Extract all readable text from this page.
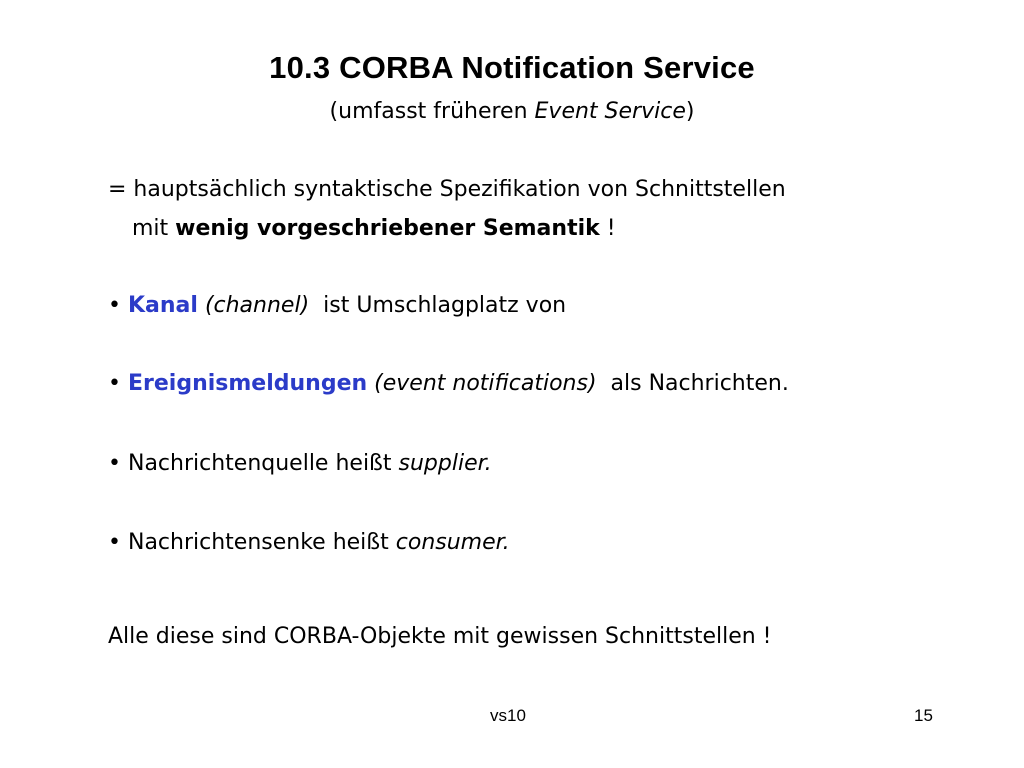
10.3 CORBA Notification Service
(umfasst früheren Event Service)
= hauptsächlich syntaktische Spezifikation von Schnittstellen
mit wenig vorgeschriebener Semantik !
• Kanal (channel)  ist Umschlagplatz von
• Ereignismeldungen (event notifications)  als Nachrichten.
• Nachrichtenquelle heißt supplier.
• Nachrichtensenke heißt consumer.
Alle diese sind CORBA-Objekte mit gewissen Schnittstellen !
vs10	15
